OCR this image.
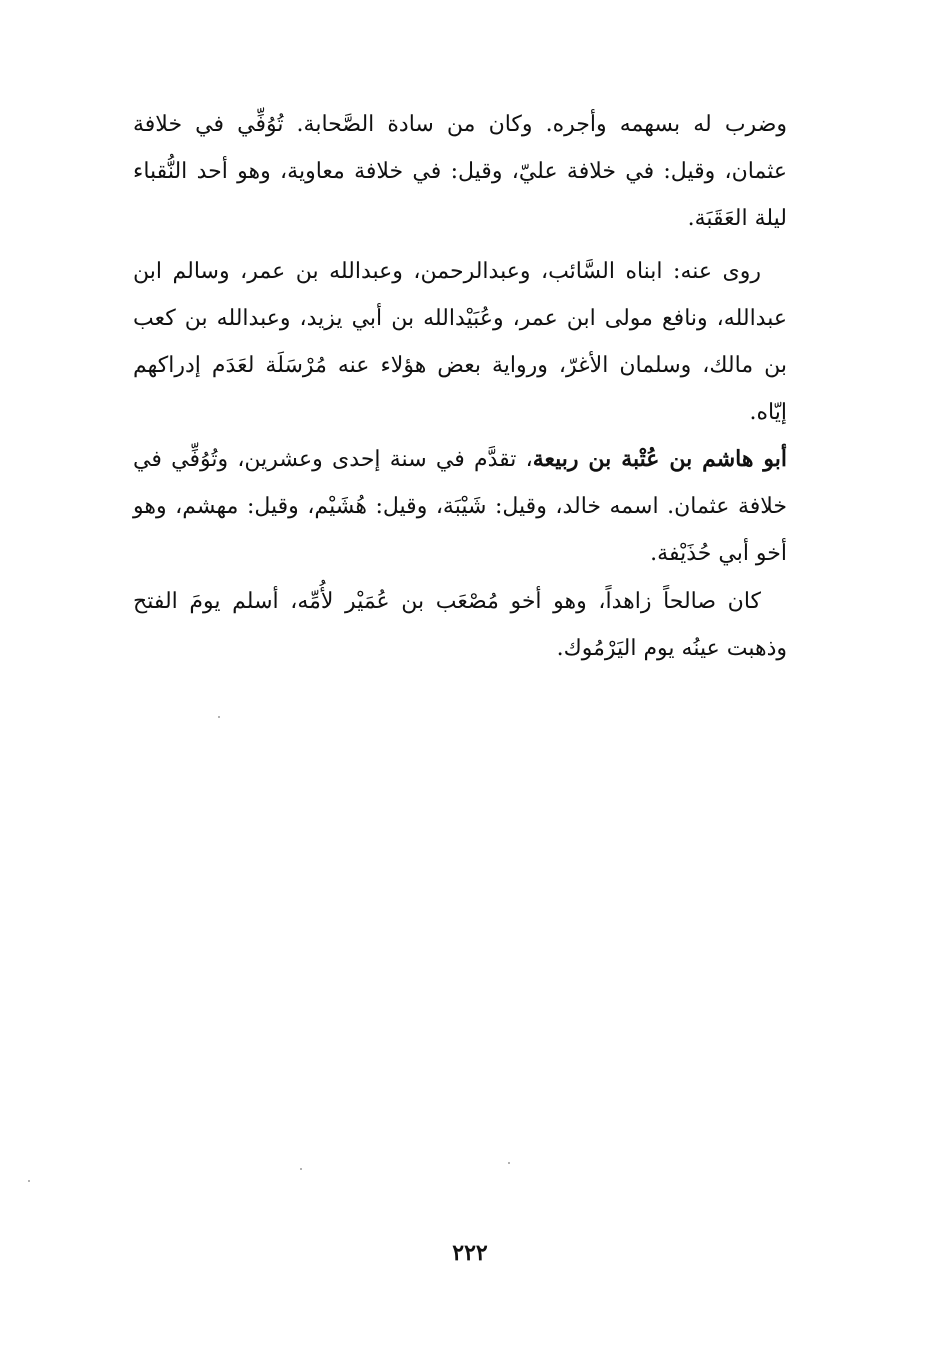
وضرب له بسهمه وأجره. وكان من سادة الصَّحابة. تُوُفِّي في خلافة عثمان، وقيل: في خلافة عليّ، وقيل: في خلافة معاوية، وهو أحد النُّقباء ليلة العَقَبَة.

روى عنه: ابناه السَّائب، وعبدالرحمن، وعبدالله بن عمر، وسالم ابن عبدالله، ونافع مولى ابن عمر، وعُبَيْدالله بن أبي يزيد، وعبدالله بن كعب بن مالك، وسلمان الأغرّ، ورواية بعض هؤلاء عنه مُرْسَلَة لعَدَم إدراكهم إيّاه.

أبو هاشم بن عُتْبة بن ربيعة، تقدَّم في سنة إحدى وعشرين، وتُوُفِّي في خلافة عثمان. اسمه خالد، وقيل: شَيْبَة، وقيل: هُشَيْم، وقيل: مهشم، وهو أخو أبي حُذَيْفة.

كان صالحاً زاهداً، وهو أخو مُصْعَب بن عُمَيْر لأُمِّه، أسلم يومَ الفتح وذهبت عينُه يوم اليَرْمُوك.

٢٢٢
